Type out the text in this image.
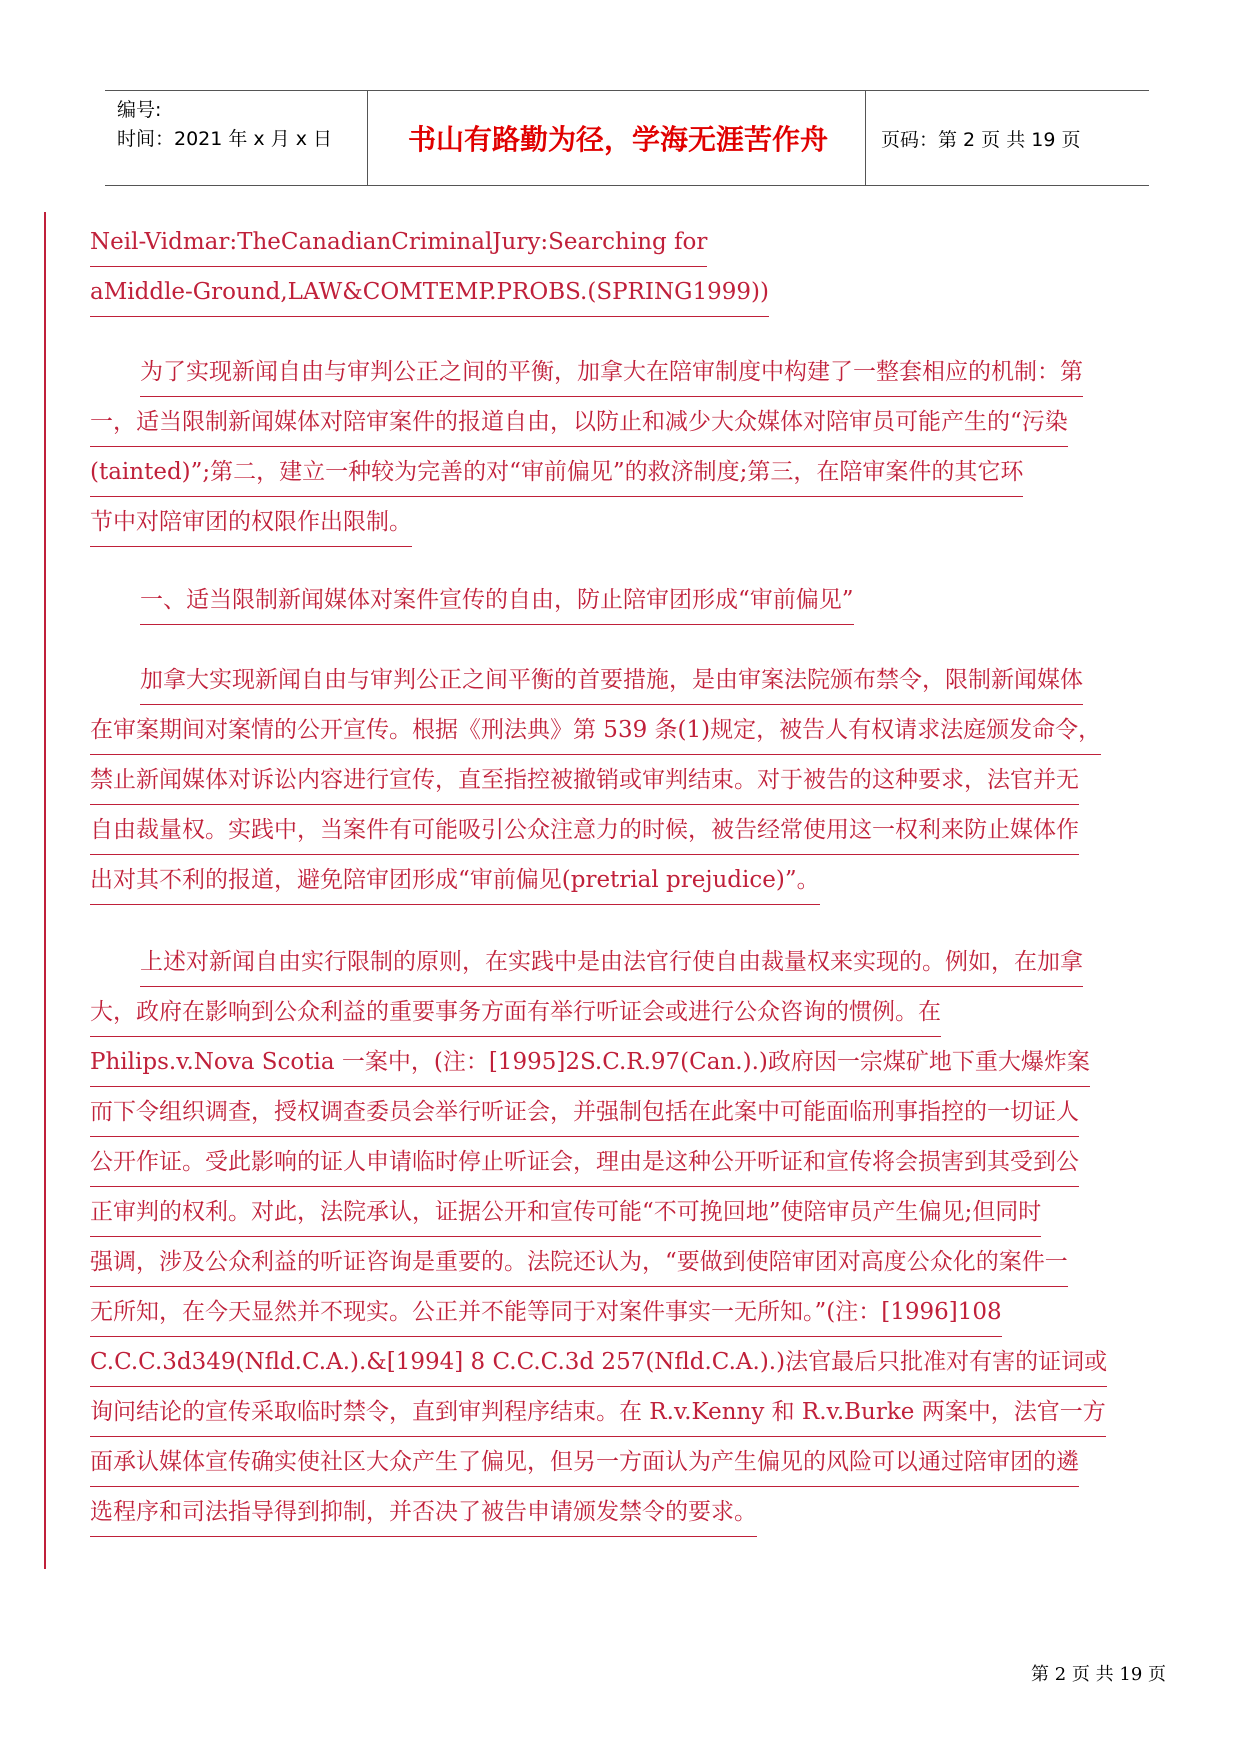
编号:
时间：2021 年 x 月 x 日	书山有路勤为径，学海无涯苦作舟	页码：第 2 页 共 19 页
Neil-Vidmar:TheCanadianCriminalJury:Searching for
aMiddle-Ground,LAW&COMTEMP.PROBS.(SPRING1999))
为了实现新闻自由与审判公正之间的平衡，加拿大在陪审制度中构建了一整套相应的机制：第
一，适当限制新闻媒体对陪审案件的报道自由，以防止和减少大众媒体对陪审员可能产生的“污染
(tainted)”;第二，建立一种较为完善的对“审前偏见”的救济制度;第三，在陪审案件的其它环
节中对陪审团的权限作出限制。
一、适当限制新闻媒体对案件宣传的自由，防止陪审团形成“审前偏见”
加拿大实现新闻自由与审判公正之间平衡的首要措施，是由审案法院颁布禁令，限制新闻媒体
在审案期间对案情的公开宣传。根据《刑法典》第 539 条(1)规定，被告人有权请求法庭颁发命令，
禁止新闻媒体对诉讼内容进行宣传，直至指控被撤销或审判结束。对于被告的这种要求，法官并无
自由裁量权。实践中，当案件有可能吸引公众注意力的时候，被告经常使用这一权利来防止媒体作
出对其不利的报道，避免陪审团形成“审前偏见(pretrial prejudice)”。
上述对新闻自由实行限制的原则，在实践中是由法官行使自由裁量权来实现的。例如，在加拿
大，政府在影响到公众利益的重要事务方面有举行听证会或进行公众咨询的惯例。在
Philips.v.Nova Scotia 一案中，(注：[1995]2S.C.R.97(Can.).)政府因一宗煤矿地下重大爆炸案
而下令组织调查，授权调查委员会举行听证会，并强制包括在此案中可能面临刑事指控的一切证人
公开作证。受此影响的证人申请临时停止听证会，理由是这种公开听证和宣传将会损害到其受到公
正审判的权利。对此，法院承认，证据公开和宣传可能“不可挽回地”使陪审员产生偏见;但同时
强调，涉及公众利益的听证咨询是重要的。法院还认为，“要做到使陪审团对高度公众化的案件一
无所知，在今天显然并不现实。公正并不能等同于对案件事实一无所知。”(注：[1996]108
C.C.C.3d349(Nfld.C.A.).&[1994] 8 C.C.C.3d 257(Nfld.C.A.).)法官最后只批准对有害的证词或
询问结论的宣传采取临时禁令，直到审判程序结束。在 R.v.Kenny 和 R.v.Burke 两案中，法官一方
面承认媒体宣传确实使社区大众产生了偏见，但另一方面认为产生偏见的风险可以通过陪审团的遴
选程序和司法指导得到抑制，并否决了被告申请颁发禁令的要求。
第 2 页 共 19 页
